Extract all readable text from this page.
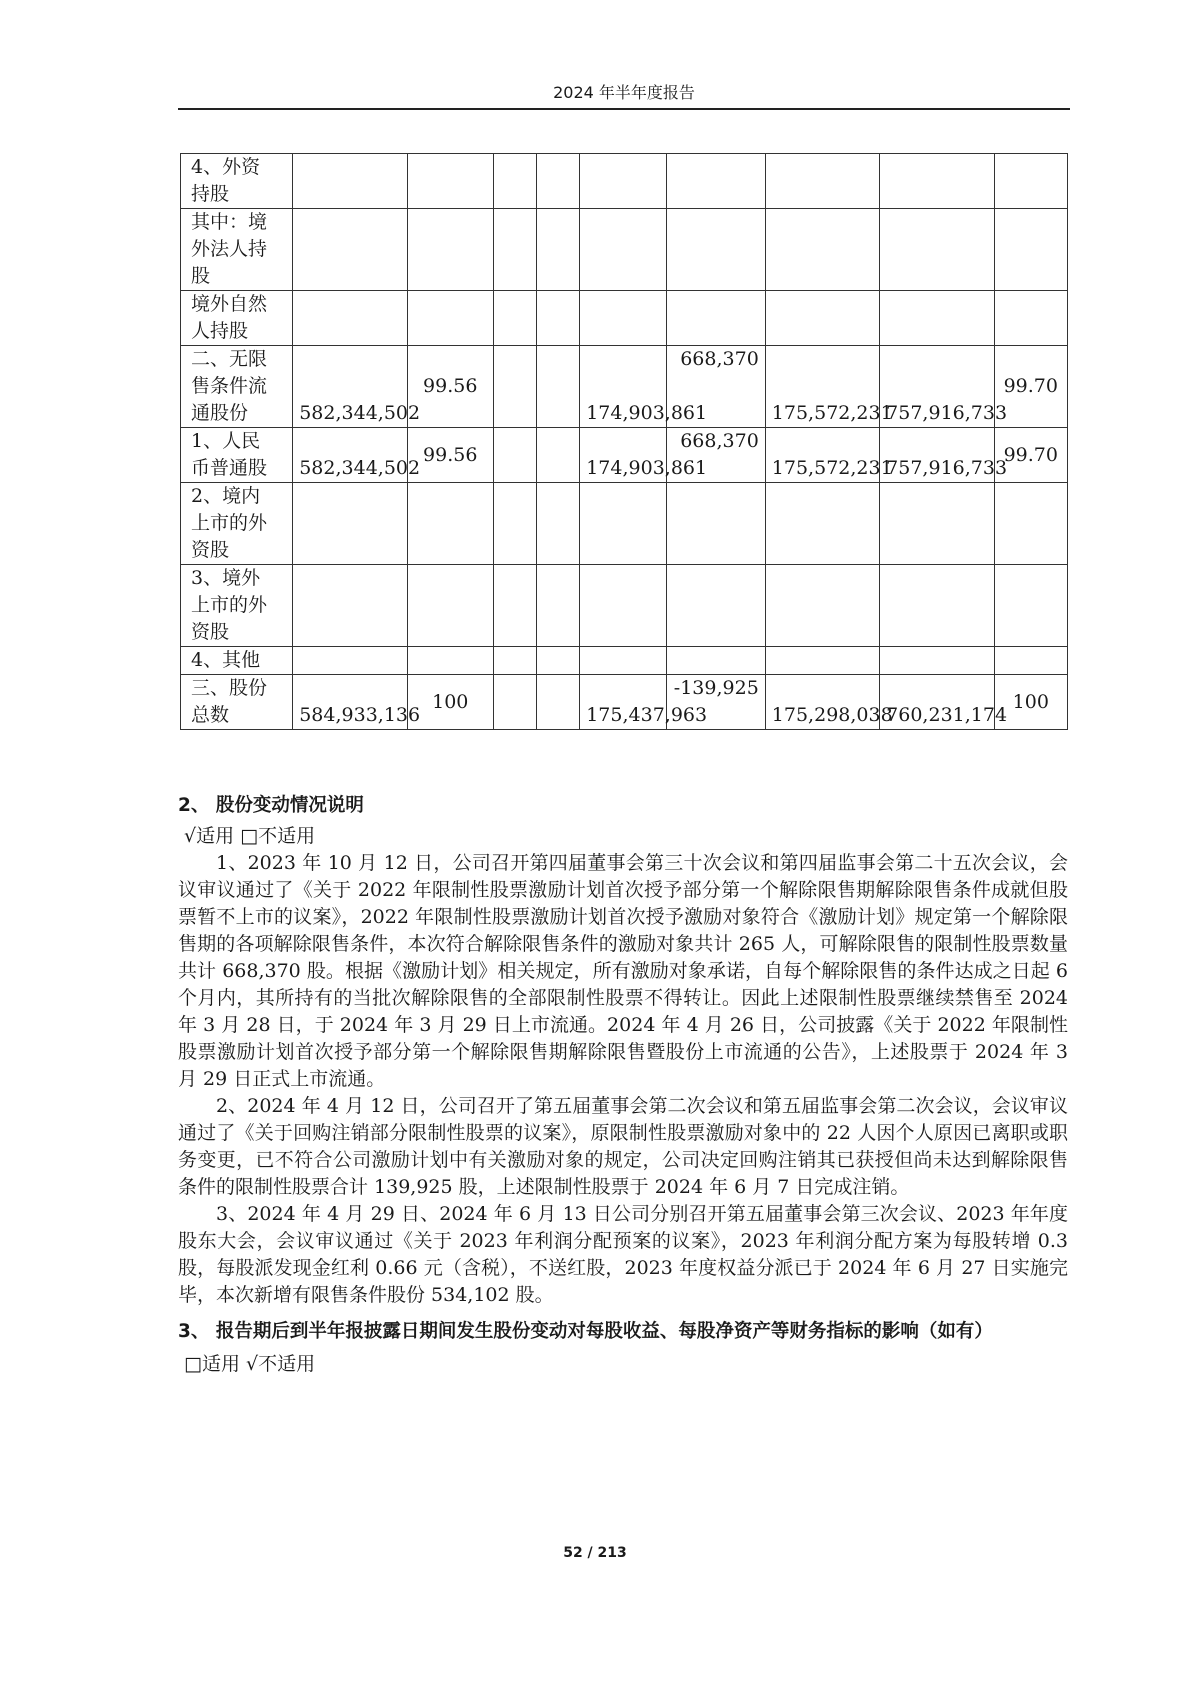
2024 年半年度报告
4、外资
持股									

其中：境
外法人持
股									

境外自然
人持股									

二、无限
售条件流
通股份	582,344,502	99.56			174,903,861	668,370	175,572,231	757,916,733	99.70

1、人民
币普通股	582,344,502	99.56			174,903,861	668,370	175,572,231	757,916,733	99.70

2、境内
上市的外
资股									

3、境外
上市的外
资股									

4、其他									

三、股份
总数	584,933,136	100			175,437,963	-139,925	175,298,038	760,231,174	100
2、 股份变动情况说明

√适用 □不适用

1、2023 年 10 月 12 日，公司召开第四届董事会第三十次会议和第四届监事会第二十五次会议，会议审议通过了《关于 2022 年限制性股票激励计划首次授予部分第一个解除限售期解除限售条件成就但股票暂不上市的议案》，2022 年限制性股票激励计划首次授予激励对象符合《激励计划》规定第一个解除限售期的各项解除限售条件，本次符合解除限售条件的激励对象共计 265 人，可解除限售的限制性股票数量共计 668,370 股。根据《激励计划》相关规定，所有激励对象承诺，自每个解除限售的条件达成之日起 6 个月内，其所持有的当批次解除限售的全部限制性股票不得转让。因此上述限制性股票继续禁售至 2024 年 3 月 28 日，于 2024 年 3 月 29 日上市流通。2024 年 4 月 26 日，公司披露《关于 2022 年限制性股票激励计划首次授予部分第一个解除限售期解除限售暨股份上市流通的公告》，上述股票于 2024 年 3 月 29 日正式上市流通。

2、2024 年 4 月 12 日，公司召开了第五届董事会第二次会议和第五届监事会第二次会议，会议审议通过了《关于回购注销部分限制性股票的议案》，原限制性股票激励对象中的 22 人因个人原因已离职或职务变更，已不符合公司激励计划中有关激励对象的规定，公司决定回购注销其已获授但尚未达到解除限售条件的限制性股票合计 139,925 股，上述限制性股票于 2024 年 6 月 7 日完成注销。

3、2024 年 4 月 29 日、2024 年 6 月 13 日公司分别召开第五届董事会第三次会议、2023 年年度股东大会，会议审议通过《关于 2023 年利润分配预案的议案》，2023 年利润分配方案为每股转增 0.3 股，每股派发现金红利 0.66 元（含税），不送红股，2023 年度权益分派已于 2024 年 6 月 27 日实施完毕，本次新增有限售条件股份 534,102 股。

3、 报告期后到半年报披露日期间发生股份变动对每股收益、每股净资产等财务指标的影响（如有）

□适用 √不适用

52 / 213
